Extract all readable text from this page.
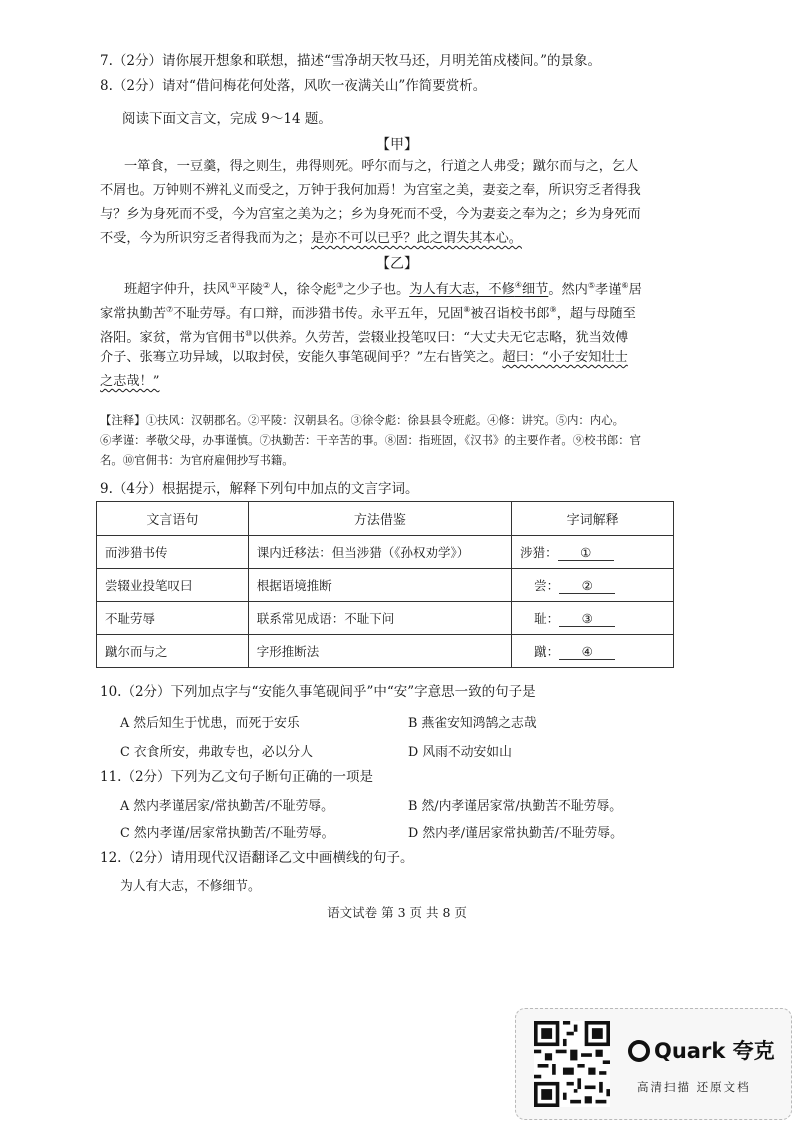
7.（2分）请你展开想象和联想，描述“雪净胡天牧马还，月明羌笛戍楼间。”的景象。
8.（2分）请对“借问梅花何处落，风吹一夜满关山”作简要赏析。
阅读下面文言文，完成 9～14 题。
【甲】
一箪食，一豆羹，得之则生，弗得则死。呼尔而与之，行道之人弗受；蹴尔而与之，乞人
不屑也。万钟则不辨礼义而受之，万钟于我何加焉！为宫室之美，妻妾之奉，所识穷乏者得我
与？乡为身死而不受，今为宫室之美为之；乡为身死而不受，今为妻妾之奉为之；乡为身死而
不受，今为所识穷乏者得我而为之；是亦不可以已乎？此之谓失其本心。
【乙】
班超字仲升，扶风①平陵②人，徐令彪③之少子也。为人有大志，不修④细节。然内⑤孝谨⑥居
家常执勤苦⑦不耻劳辱。有口辩，而涉猎书传。永平五年，兄固⑧被召诣校书郎⑨，超与母随至
洛阳。家贫，常为官佣书⑩以供养。久劳苦，尝辍业投笔叹曰：“大丈夫无它志略，犹当效傅
介子、张骞立功异域，以取封侯，安能久事笔砚间乎？”左右皆笑之。超曰：“小子安知壮士
之志哉！”
【注释】①扶风：汉朝郡名。②平陵：汉朝县名。③徐令彪：徐县县令班彪。④修：讲究。⑤内：内心。
⑥孝谨：孝敬父母，办事谨慎。⑦执勤苦：干辛苦的事。⑧固：指班固，《汉书》的主要作者。⑨校书郎：官
名。⑩官佣书：为官府雇佣抄写书籍。
9.（4分）根据提示，解释下列句中加点的文言字词。
文言语句	方法借鉴	字词解释
而涉猎书传	课内迁移法：但当涉猎（《孙权劝学》）	涉猎： ①
尝辍业投笔叹曰	根据语境推断	尝： ②
不耻劳辱	联系常见成语：不耻下问	耻： ③
蹴尔而与之	字形推断法	蹴： ④
10.（2分）下列加点字与“安能久事笔砚间乎”中“安”字意思一致的句子是
A 然后知生于忧患，而死于安乐	B 燕雀安知鸿鹄之志哉
C 衣食所安，弗敢专也，必以分人	D 风雨不动安如山
11.（2分）下列为乙文句子断句正确的一项是
A 然内孝谨居家/常执勤苦/不耻劳辱。	B 然/内孝谨居家常/执勤苦不耻劳辱。
C 然内孝谨/居家常执勤苦/不耻劳辱。	D 然内孝/谨居家常执勤苦/不耻劳辱。
12.（2分）请用现代汉语翻译乙文中画横线的句子。
为人有大志，不修细节。
语文试卷 第 3 页 共 8 页
Quark 夸克
高清扫描 还原文档
